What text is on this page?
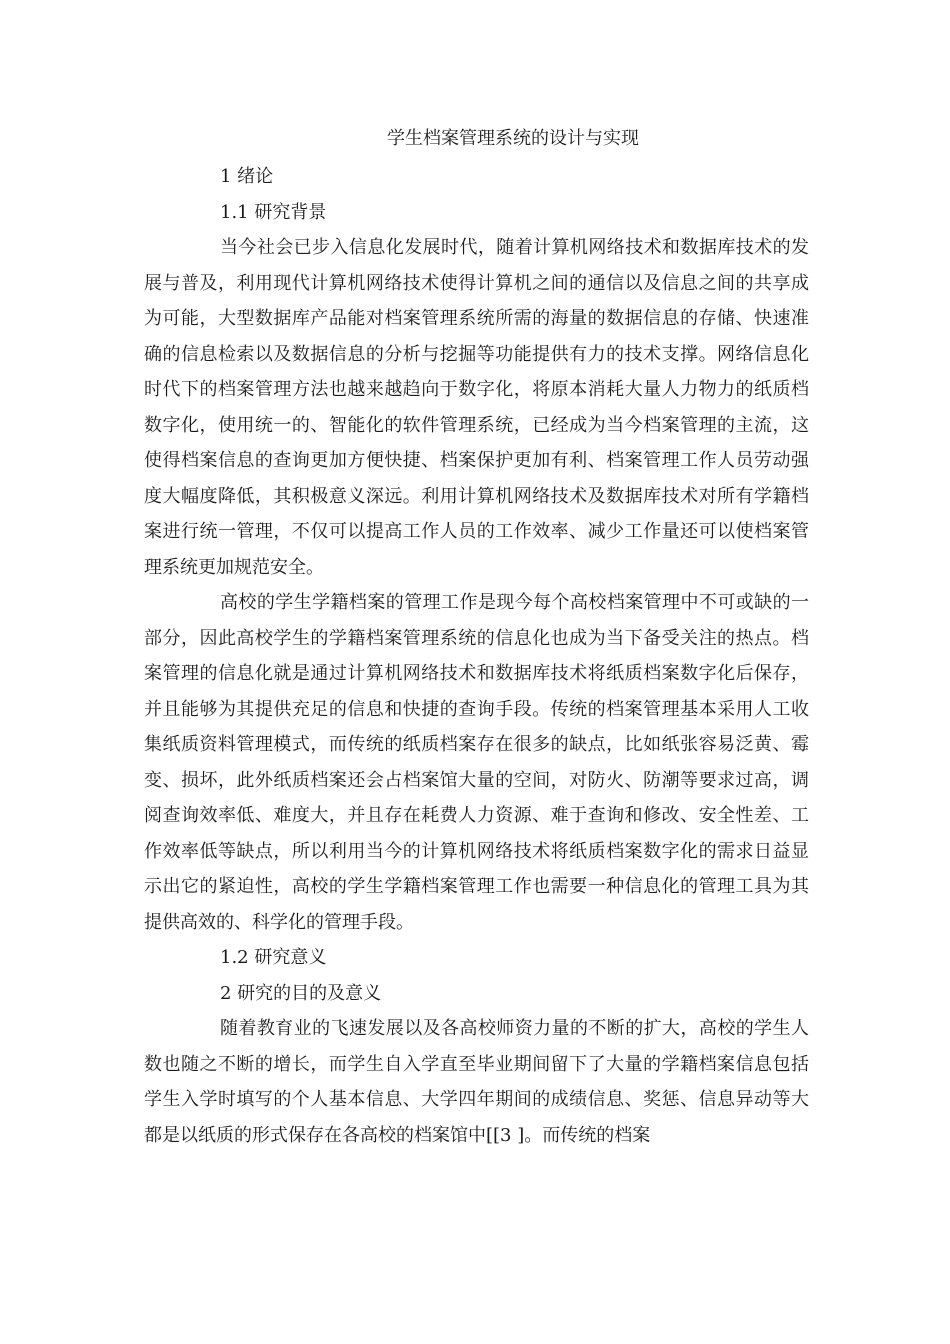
学生档案管理系统的设计与实现

1 绪论

1.1 研究背景

当今社会已步入信息化发展时代，随着计算机网络技术和数据库技术的发展与普及，利用现代计算机网络技术使得计算机之间的通信以及信息之间的共享成为可能，大型数据库产品能对档案管理系统所需的海量的数据信息的存储、快速准确的信息检索以及数据信息的分析与挖掘等功能提供有力的技术支撑。网络信息化时代下的档案管理方法也越来越趋向于数字化，将原本消耗大量人力物力的纸质档数字化，使用统一的、智能化的软件管理系统，已经成为当今档案管理的主流，这使得档案信息的查询更加方便快捷、档案保护更加有利、档案管理工作人员劳动强度大幅度降低，其积极意义深远。利用计算机网络技术及数据库技术对所有学籍档案进行统一管理，不仅可以提高工作人员的工作效率、减少工作量还可以使档案管理系统更加规范安全。

高校的学生学籍档案的管理工作是现今每个高校档案管理中不可或缺的一部分，因此高校学生的学籍档案管理系统的信息化也成为当下备受关注的热点。档案管理的信息化就是通过计算机网络技术和数据库技术将纸质档案数字化后保存，并且能够为其提供充足的信息和快捷的查询手段。传统的档案管理基本采用人工收集纸质资料管理模式，而传统的纸质档案存在很多的缺点，比如纸张容易泛黄、霉变、损坏，此外纸质档案还会占档案馆大量的空间，对防火、防潮等要求过高，调阅查询效率低、难度大，并且存在耗费人力资源、难于查询和修改、安全性差、工作效率低等缺点，所以利用当今的计算机网络技术将纸质档案数字化的需求日益显示出它的紧迫性，高校的学生学籍档案管理工作也需要一种信息化的管理工具为其提供高效的、科学化的管理手段。

1.2 研究意义

2 研究的目的及意义

随着教育业的飞速发展以及各高校师资力量的不断的扩大，高校的学生人数也随之不断的增长，而学生自入学直至毕业期间留下了大量的学籍档案信息包括学生入学时填写的个人基本信息、大学四年期间的成绩信息、奖惩、信息异动等大都是以纸质的形式保存在各高校的档案馆中[[3 ]。而传统的档案
